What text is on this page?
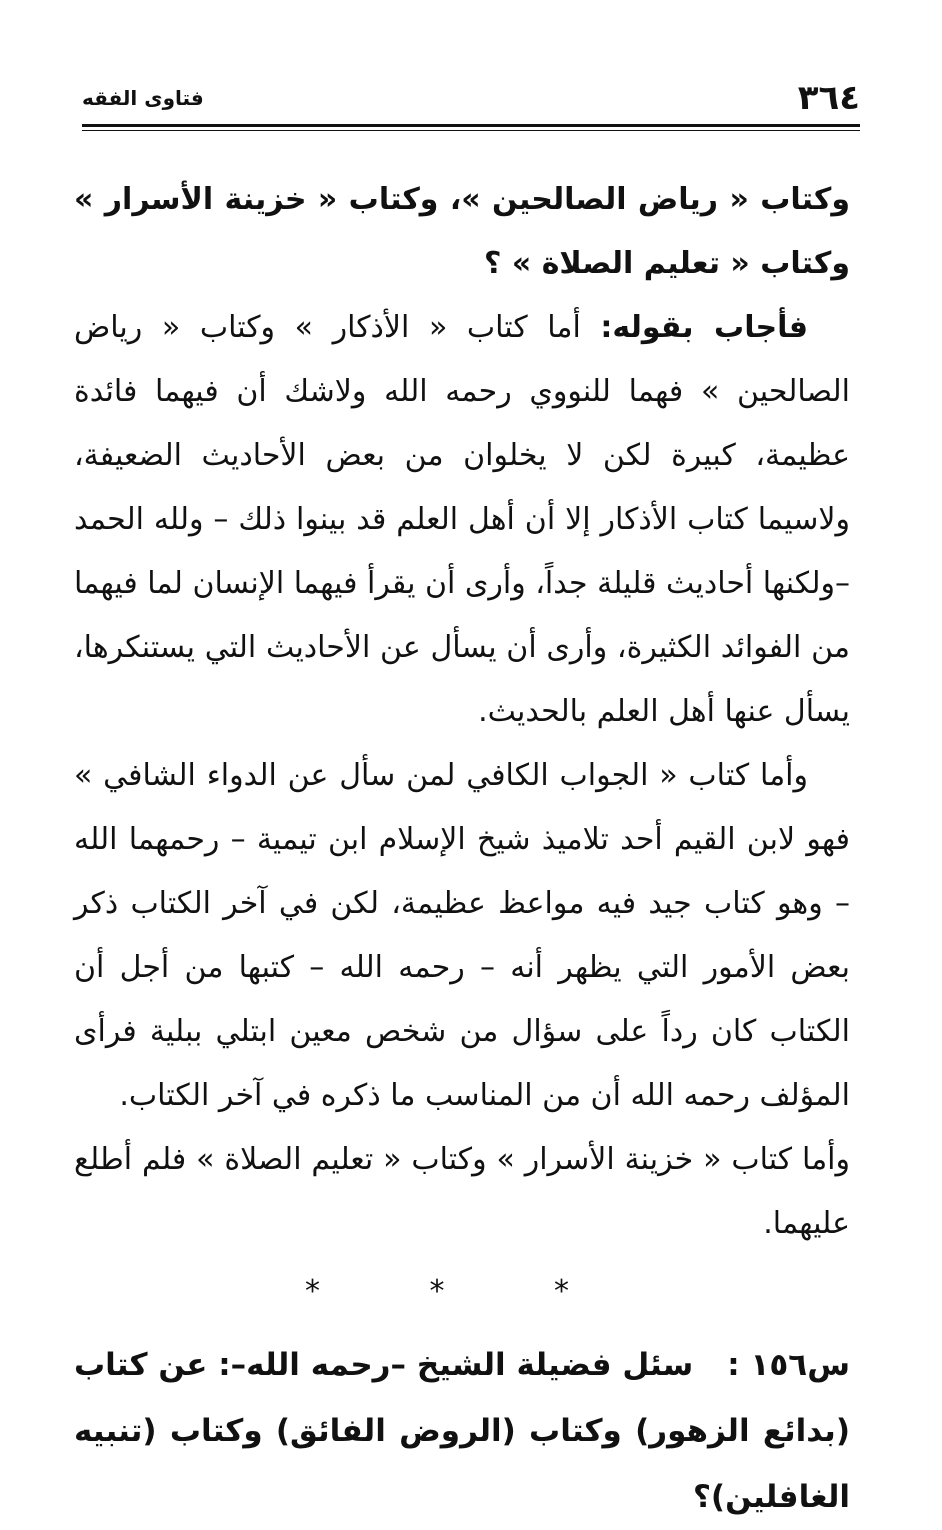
٣٦٤
فتاوى الفقه

وكتاب « رياض الصالحين »، وكتاب « خزينة الأسرار » وكتاب « تعليم الصلاة » ؟

فأجاب بقوله: أما كتاب « الأذكار » وكتاب « رياض الصالحين » فهما للنووي رحمه الله ولاشك أن فيهما فائدة عظيمة، كبيرة لكن لا يخلوان من بعض الأحاديث الضعيفة، ولاسيما كتاب الأذكار إلا أن أهل العلم قد بينوا ذلك – ولله الحمد –ولكنها أحاديث قليلة جداً، وأرى أن يقرأ فيهما الإنسان لما فيهما من الفوائد الكثيرة، وأرى أن يسأل عن الأحاديث التي يستنكرها، يسأل عنها أهل العلم بالحديث.

وأما كتاب « الجواب الكافي لمن سأل عن الدواء الشافي » فهو لابن القيم أحد تلاميذ شيخ الإسلام ابن تيمية – رحمهما الله – وهو كتاب جيد فيه مواعظ عظيمة، لكن في آخر الكتاب ذكر بعض الأمور التي يظهر أنه – رحمه الله – كتبها من أجل أن الكتاب كان رداً على سؤال من شخص معين ابتلي ببلية فرأى المؤلف رحمه الله أن من المناسب ما ذكره في آخر الكتاب.

وأما كتاب « خزينة الأسرار » وكتاب « تعليم الصلاة » فلم أطلع عليهما.

* * *

س١٥٦ :سئل فضيلة الشيخ –رحمه الله–: عن كتاب (بدائع الزهور) وكتاب (الروض الفائق) وكتاب (تنبيه الغافلين)؟
